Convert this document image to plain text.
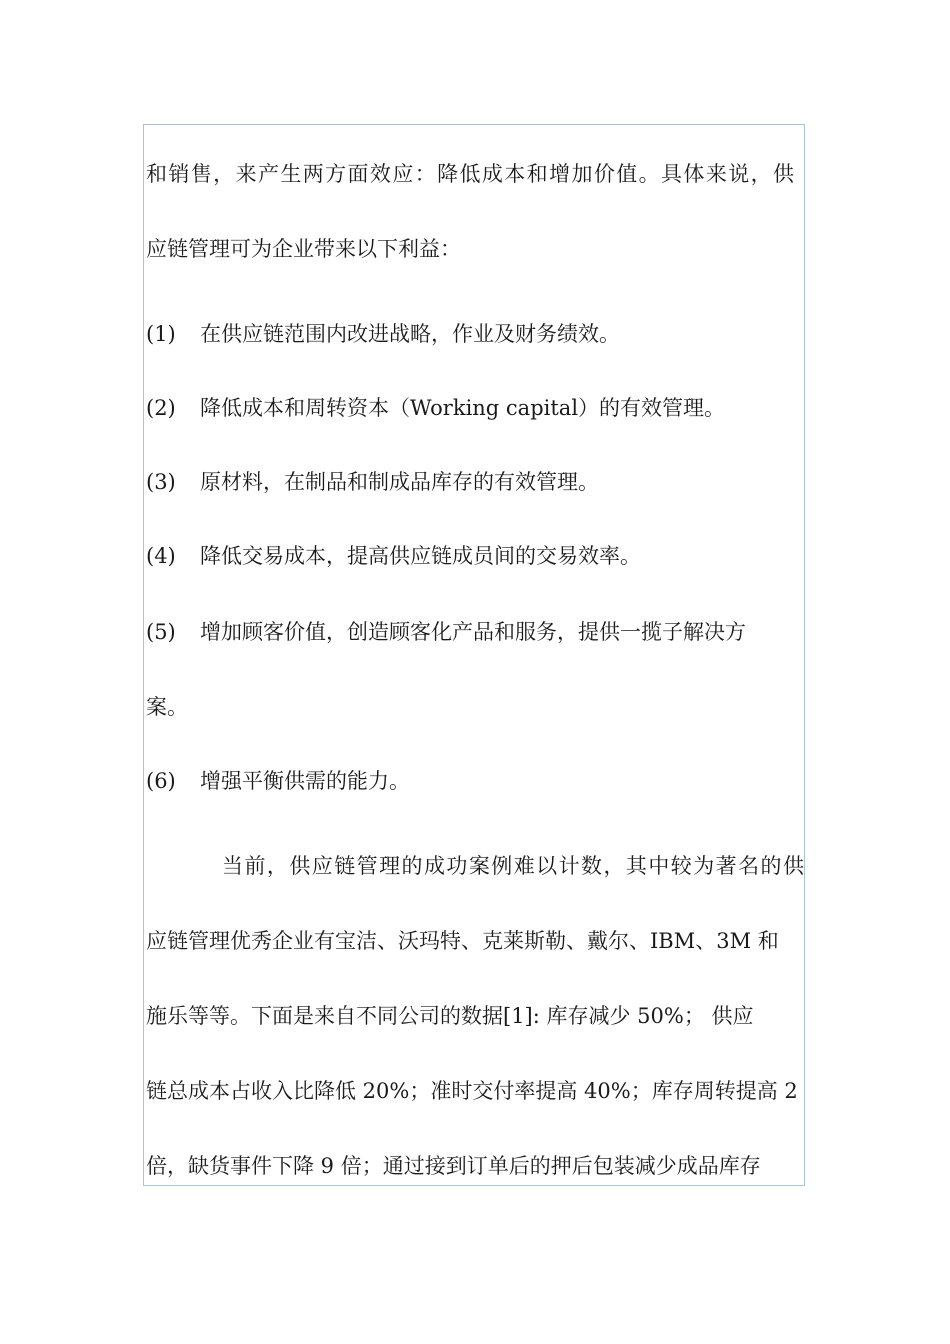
和销售，来产生两方面效应：降低成本和增加价值。具体来说，供
应链管理可为企业带来以下利益：
(1) 在供应链范围内改进战略，作业及财务绩效。
(2) 降低成本和周转资本（Working capital）的有效管理。
(3) 原材料，在制品和制成品库存的有效管理。
(4) 降低交易成本，提高供应链成员间的交易效率。
(5) 增加顾客价值，创造顾客化产品和服务，提供一揽子解决方
案。
(6) 增强平衡供需的能力。
当前，供应链管理的成功案例难以计数，其中较为著名的供
应链管理优秀企业有宝洁、沃玛特、克莱斯勒、戴尔、IBM、3M 和
施乐等等。下面是来自不同公司的数据[1]: 库存减少 50%； 供应
链总成本占收入比降低 20%；准时交付率提高 40%；库存周转提高 2
倍，缺货事件下降 9 倍；通过接到订单后的押后包装减少成品库存
